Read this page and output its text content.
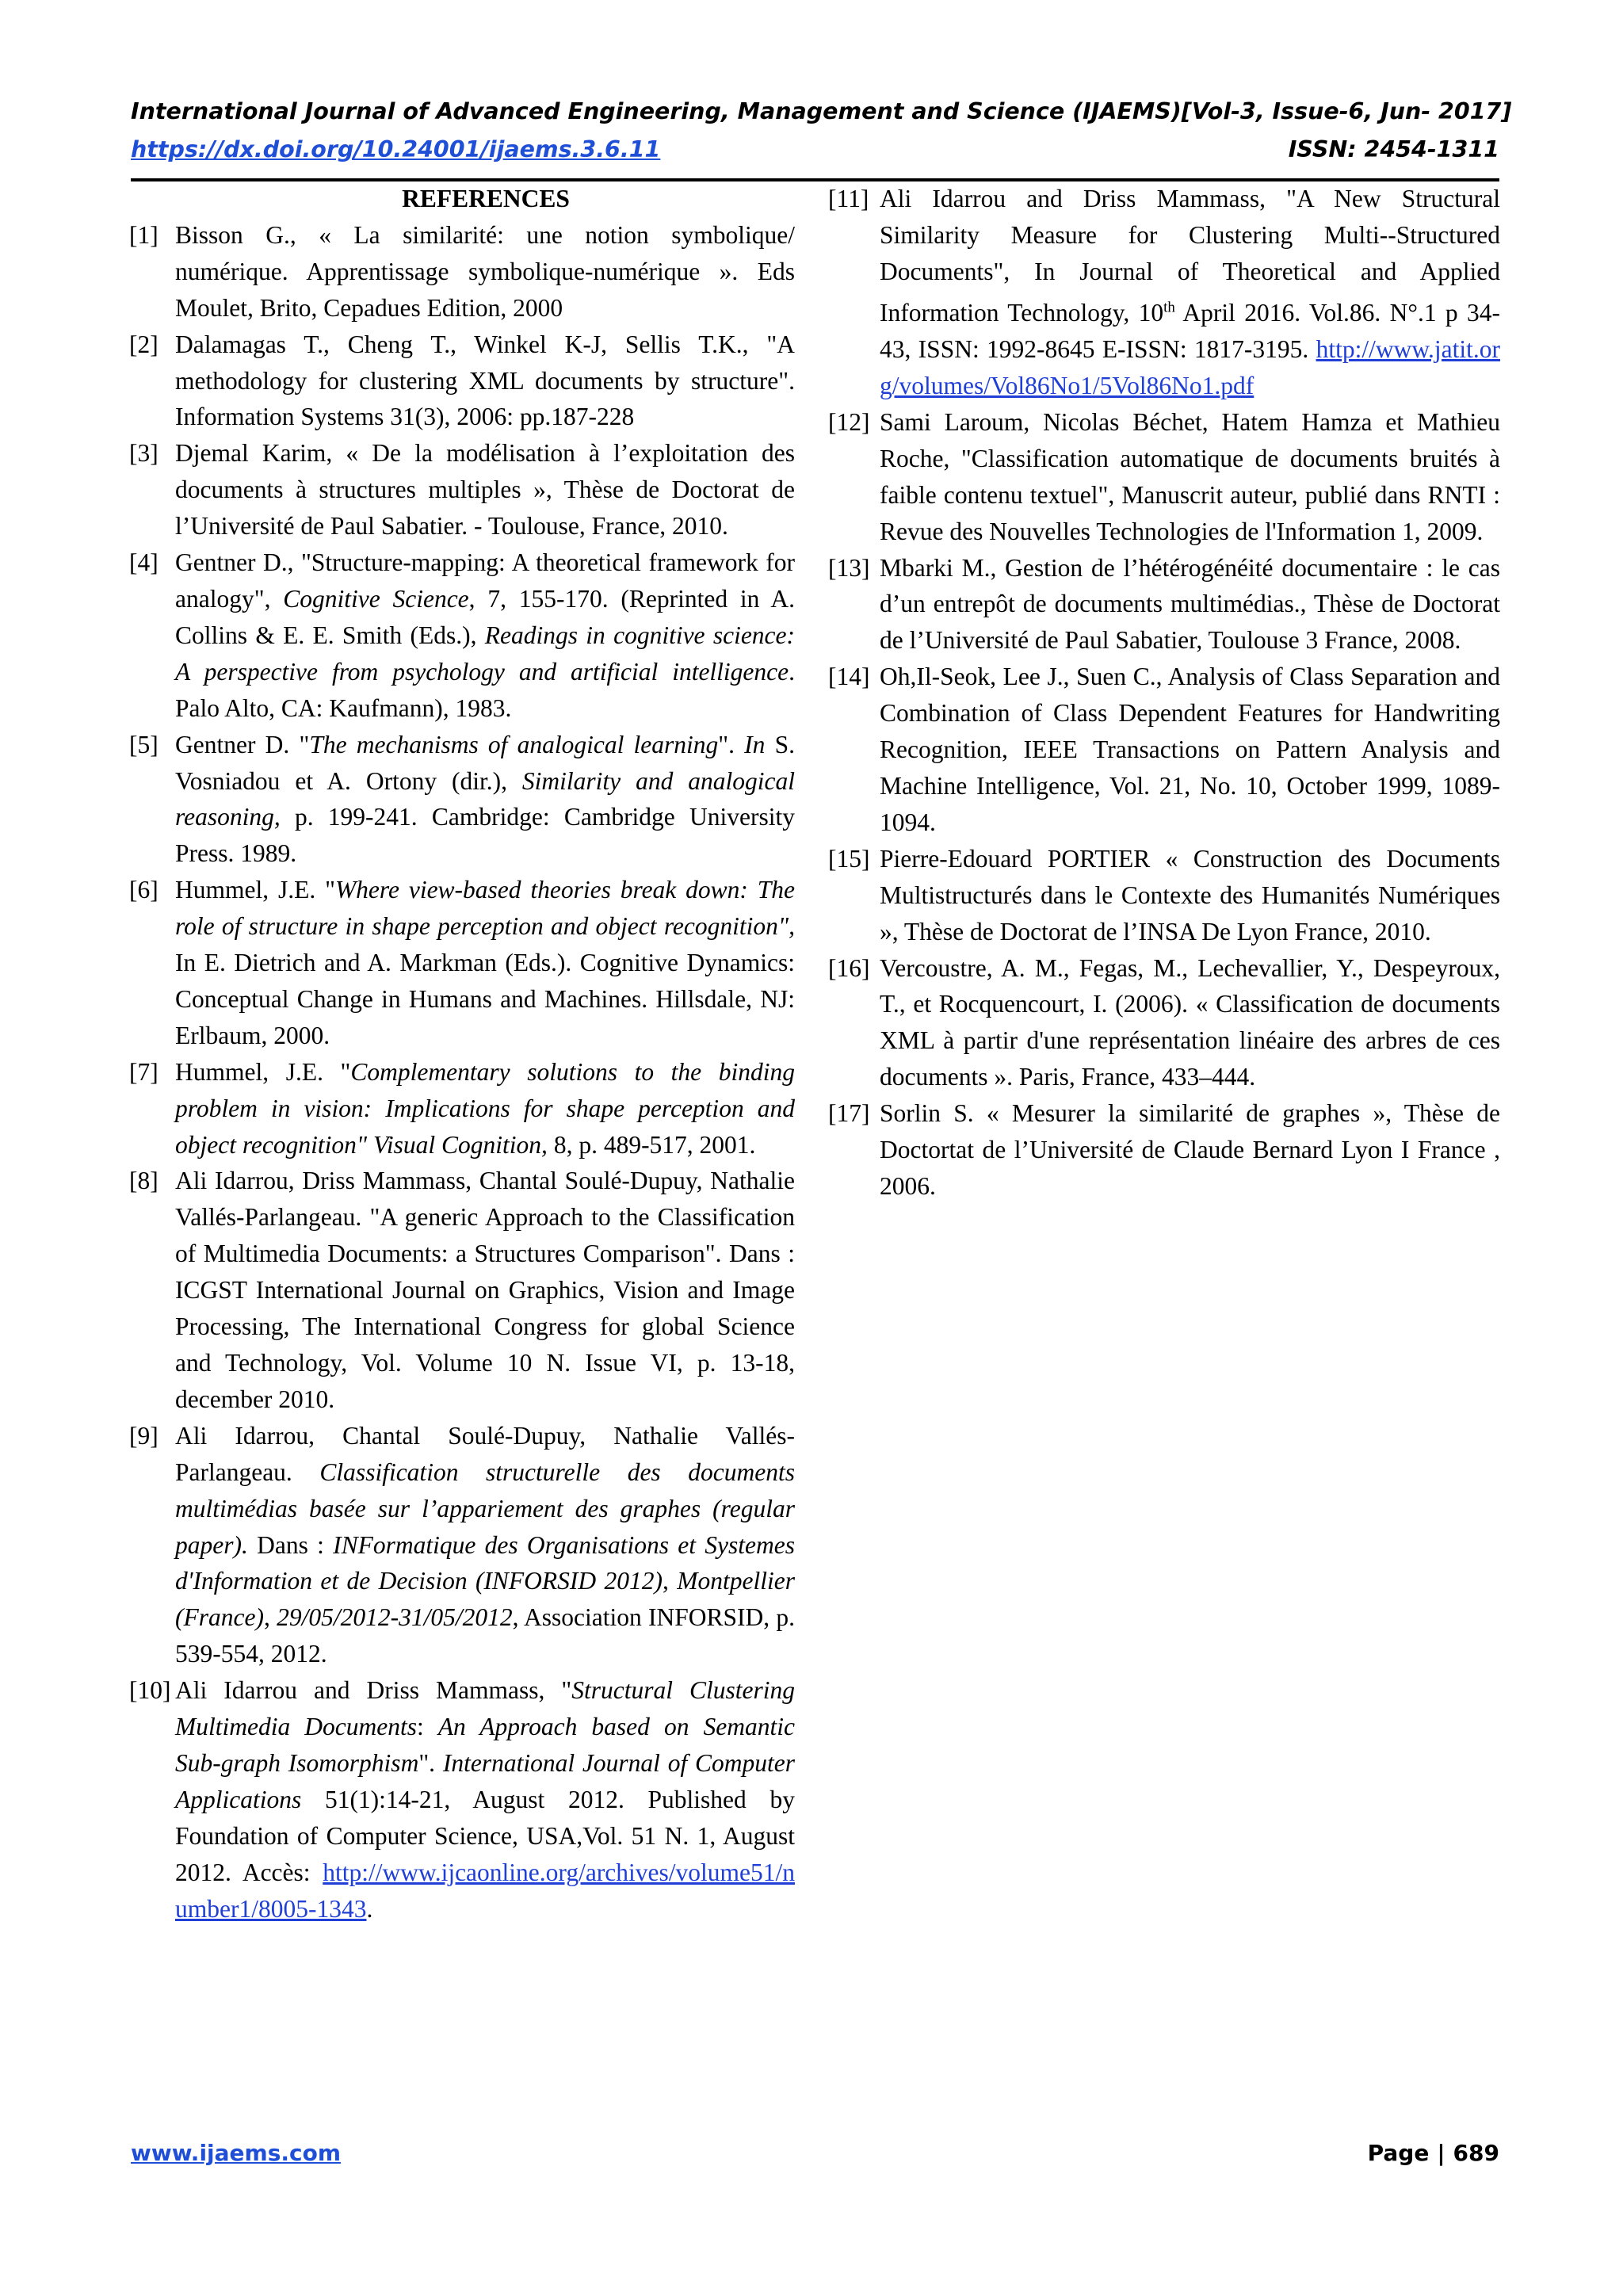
International Journal of Advanced Engineering, Management and Science (IJAEMS) [Vol-3, Issue-6, Jun- 2017]
https://dx.doi.org/10.24001/ijaems.3.6.11	ISSN: 2454-1311
REFERENCES
[1] Bisson G., « La similarité: une notion symbolique/ numérique. Apprentissage symbolique-numérique ». Eds Moulet, Brito, Cepadues Edition, 2000
[2] Dalamagas T., Cheng T., Winkel K-J, Sellis T.K., "A methodology for clustering XML documents by structure". Information Systems 31(3), 2006: pp.187-228
[3] Djemal Karim, « De la modélisation à l’exploitation des documents à structures multiples », Thèse de Doctorat de l’Université de Paul Sabatier. - Toulouse, France, 2010.
[4] Gentner D., "Structure-mapping: A theoretical framework for analogy", Cognitive Science, 7, 155-170. (Reprinted in A. Collins & E. E. Smith (Eds.), Readings in cognitive science: A perspective from psychology and artificial intelligence. Palo Alto, CA: Kaufmann), 1983.
[5] Gentner D. "The mechanisms of analogical learning". In S. Vosniadou et A. Ortony (dir.), Similarity and analogical reasoning, p. 199-241. Cambridge: Cambridge University Press. 1989.
[6] Hummel, J.E. "Where view-based theories break down: The role of structure in shape perception and object recognition", In E. Dietrich and A. Markman (Eds.). Cognitive Dynamics: Conceptual Change in Humans and Machines. Hillsdale, NJ: Erlbaum, 2000.
[7] Hummel, J.E. "Complementary solutions to the binding problem in vision: Implications for shape perception and object recognition" Visual Cognition, 8, p. 489-517, 2001.
[8] Ali Idarrou, Driss Mammass, Chantal Soulé-Dupuy, Nathalie Vallés-Parlangeau. "A generic Approach to the Classification of Multimedia Documents: a Structures Comparison". Dans : ICGST International Journal on Graphics, Vision and Image Processing, The International Congress for global Science and Technology, Vol. Volume 10 N. Issue VI, p. 13-18, december 2010.
[9] Ali Idarrou, Chantal Soulé-Dupuy, Nathalie Vallés-Parlangeau. Classification structurelle des documents multimédias basée sur l’appariement des graphes (regular paper). Dans : INFormatique des Organisations et Systemes d'Information et de Decision (INFORSID 2012), Montpellier (France), 29/05/2012-31/05/2012, Association INFORSID, p. 539-554, 2012.
[10] Ali Idarrou and Driss Mammass, "Structural Clustering Multimedia Documents: An Approach based on Semantic Sub-graph Isomorphism". International Journal of Computer Applications 51(1):14-21, August 2012. Published by Foundation of Computer Science, USA,Vol. 51 N. 1, August 2012. Accès: http://www.ijcaonline.org/archives/volume51/number1/8005-1343.
[11] Ali Idarrou and Driss Mammass, "A New Structural Similarity Measure for Clustering Multi--Structured Documents", In Journal of Theoretical and Applied Information Technology, 10th April 2016. Vol.86. N°.1 p 34-43, ISSN: 1992-8645 E-ISSN: 1817-3195. http://www.jatit.org/volumes/Vol86No1/5Vol86No1.pdf
[12] Sami Laroum, Nicolas Béchet, Hatem Hamza et Mathieu Roche, "Classification automatique de documents bruités à faible contenu textuel", Manuscrit auteur, publié dans RNTI : Revue des Nouvelles Technologies de l'Information 1, 2009.
[13] Mbarki M., Gestion de l’hétérogénéité documentaire : le cas d’un entrepôt de documents multimédias., Thèse de Doctorat de l’Université de Paul Sabatier, Toulouse 3 France, 2008.
[14] Oh,Il-Seok, Lee J., Suen C., Analysis of Class Separation and Combination of Class Dependent Features for Handwriting Recognition, IEEE Transactions on Pattern Analysis and Machine Intelligence, Vol. 21, No. 10, October 1999, 1089-1094.
[15] Pierre-Edouard PORTIER « Construction des Documents Multistructurés dans le Contexte des Humanités Numériques », Thèse de Doctorat de l’INSA De Lyon France, 2010.
[16] Vercoustre, A. M., Fegas, M., Lechevallier, Y., Despeyroux, T., et Rocquencourt, I. (2006). « Classification de documents XML à partir d'une représentation linéaire des arbres de ces documents ». Paris, France, 433–444.
[17] Sorlin S. « Mesurer la similarité de graphes », Thèse de Doctortat de l’Université de Claude Bernard Lyon I France , 2006.
www.ijaems.com	Page | 689
